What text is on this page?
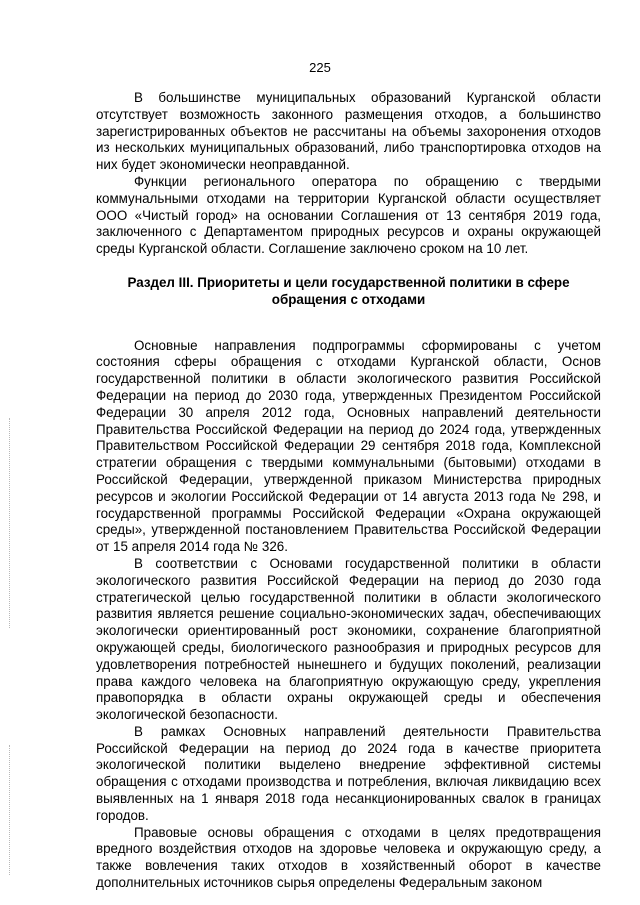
225

В большинстве муниципальных образований Курганской области отсутствует возможность законного размещения отходов, а большинство зарегистрированных объектов не рассчитаны на объемы захоронения отходов из нескольких муниципальных образований, либо транспортировка отходов на них будет экономически неоправданной.

Функции регионального оператора по обращению с твердыми коммунальными отходами на территории Курганской области осуществляет ООО «Чистый город» на основании Соглашения от 13 сентября 2019 года, заключенного с Департаментом природных ресурсов и охраны окружающей среды Курганской области. Соглашение заключено сроком на 10 лет.

Раздел III. Приоритеты и цели государственной политики в сфере
обращения с отходами

Основные направления подпрограммы сформированы с учетом состояния сферы обращения с отходами Курганской области, Основ государственной политики в области экологического развития Российской Федерации на период до 2030 года, утвержденных Президентом Российской Федерации 30 апреля 2012 года, Основных направлений деятельности Правительства Российской Федерации на период до 2024 года, утвержденных Правительством Российской Федерации 29 сентября 2018 года, Комплексной стратегии обращения с твердыми коммунальными (бытовыми) отходами в Российской Федерации, утвержденной приказом Министерства природных ресурсов и экологии Российской Федерации от 14 августа 2013 года № 298, и государственной программы Российской Федерации «Охрана окружающей среды», утвержденной постановлением Правительства Российской Федерации от 15 апреля 2014 года № 326.

В соответствии с Основами государственной политики в области экологического развития Российской Федерации на период до 2030 года стратегической целью государственной политики в области экологического развития является решение социально-экономических задач, обеспечивающих экологически ориентированный рост экономики, сохранение благоприятной окружающей среды, биологического разнообразия и природных ресурсов для удовлетворения потребностей нынешнего и будущих поколений, реализации права каждого человека на благоприятную окружающую среду, укрепления правопорядка в области охраны окружающей среды и обеспечения экологической безопасности.

В рамках Основных направлений деятельности Правительства Российской Федерации на период до 2024 года в качестве приоритета экологической политики выделено внедрение эффективной системы обращения с отходами производства и потребления, включая ликвидацию всех выявленных на 1 января 2018 года несанкционированных свалок в границах городов.

Правовые основы обращения с отходами в целях предотвращения вредного воздействия отходов на здоровье человека и окружающую среду, а также вовлечения таких отходов в хозяйственный оборот в качестве дополнительных источников сырья определены Федеральным законом
